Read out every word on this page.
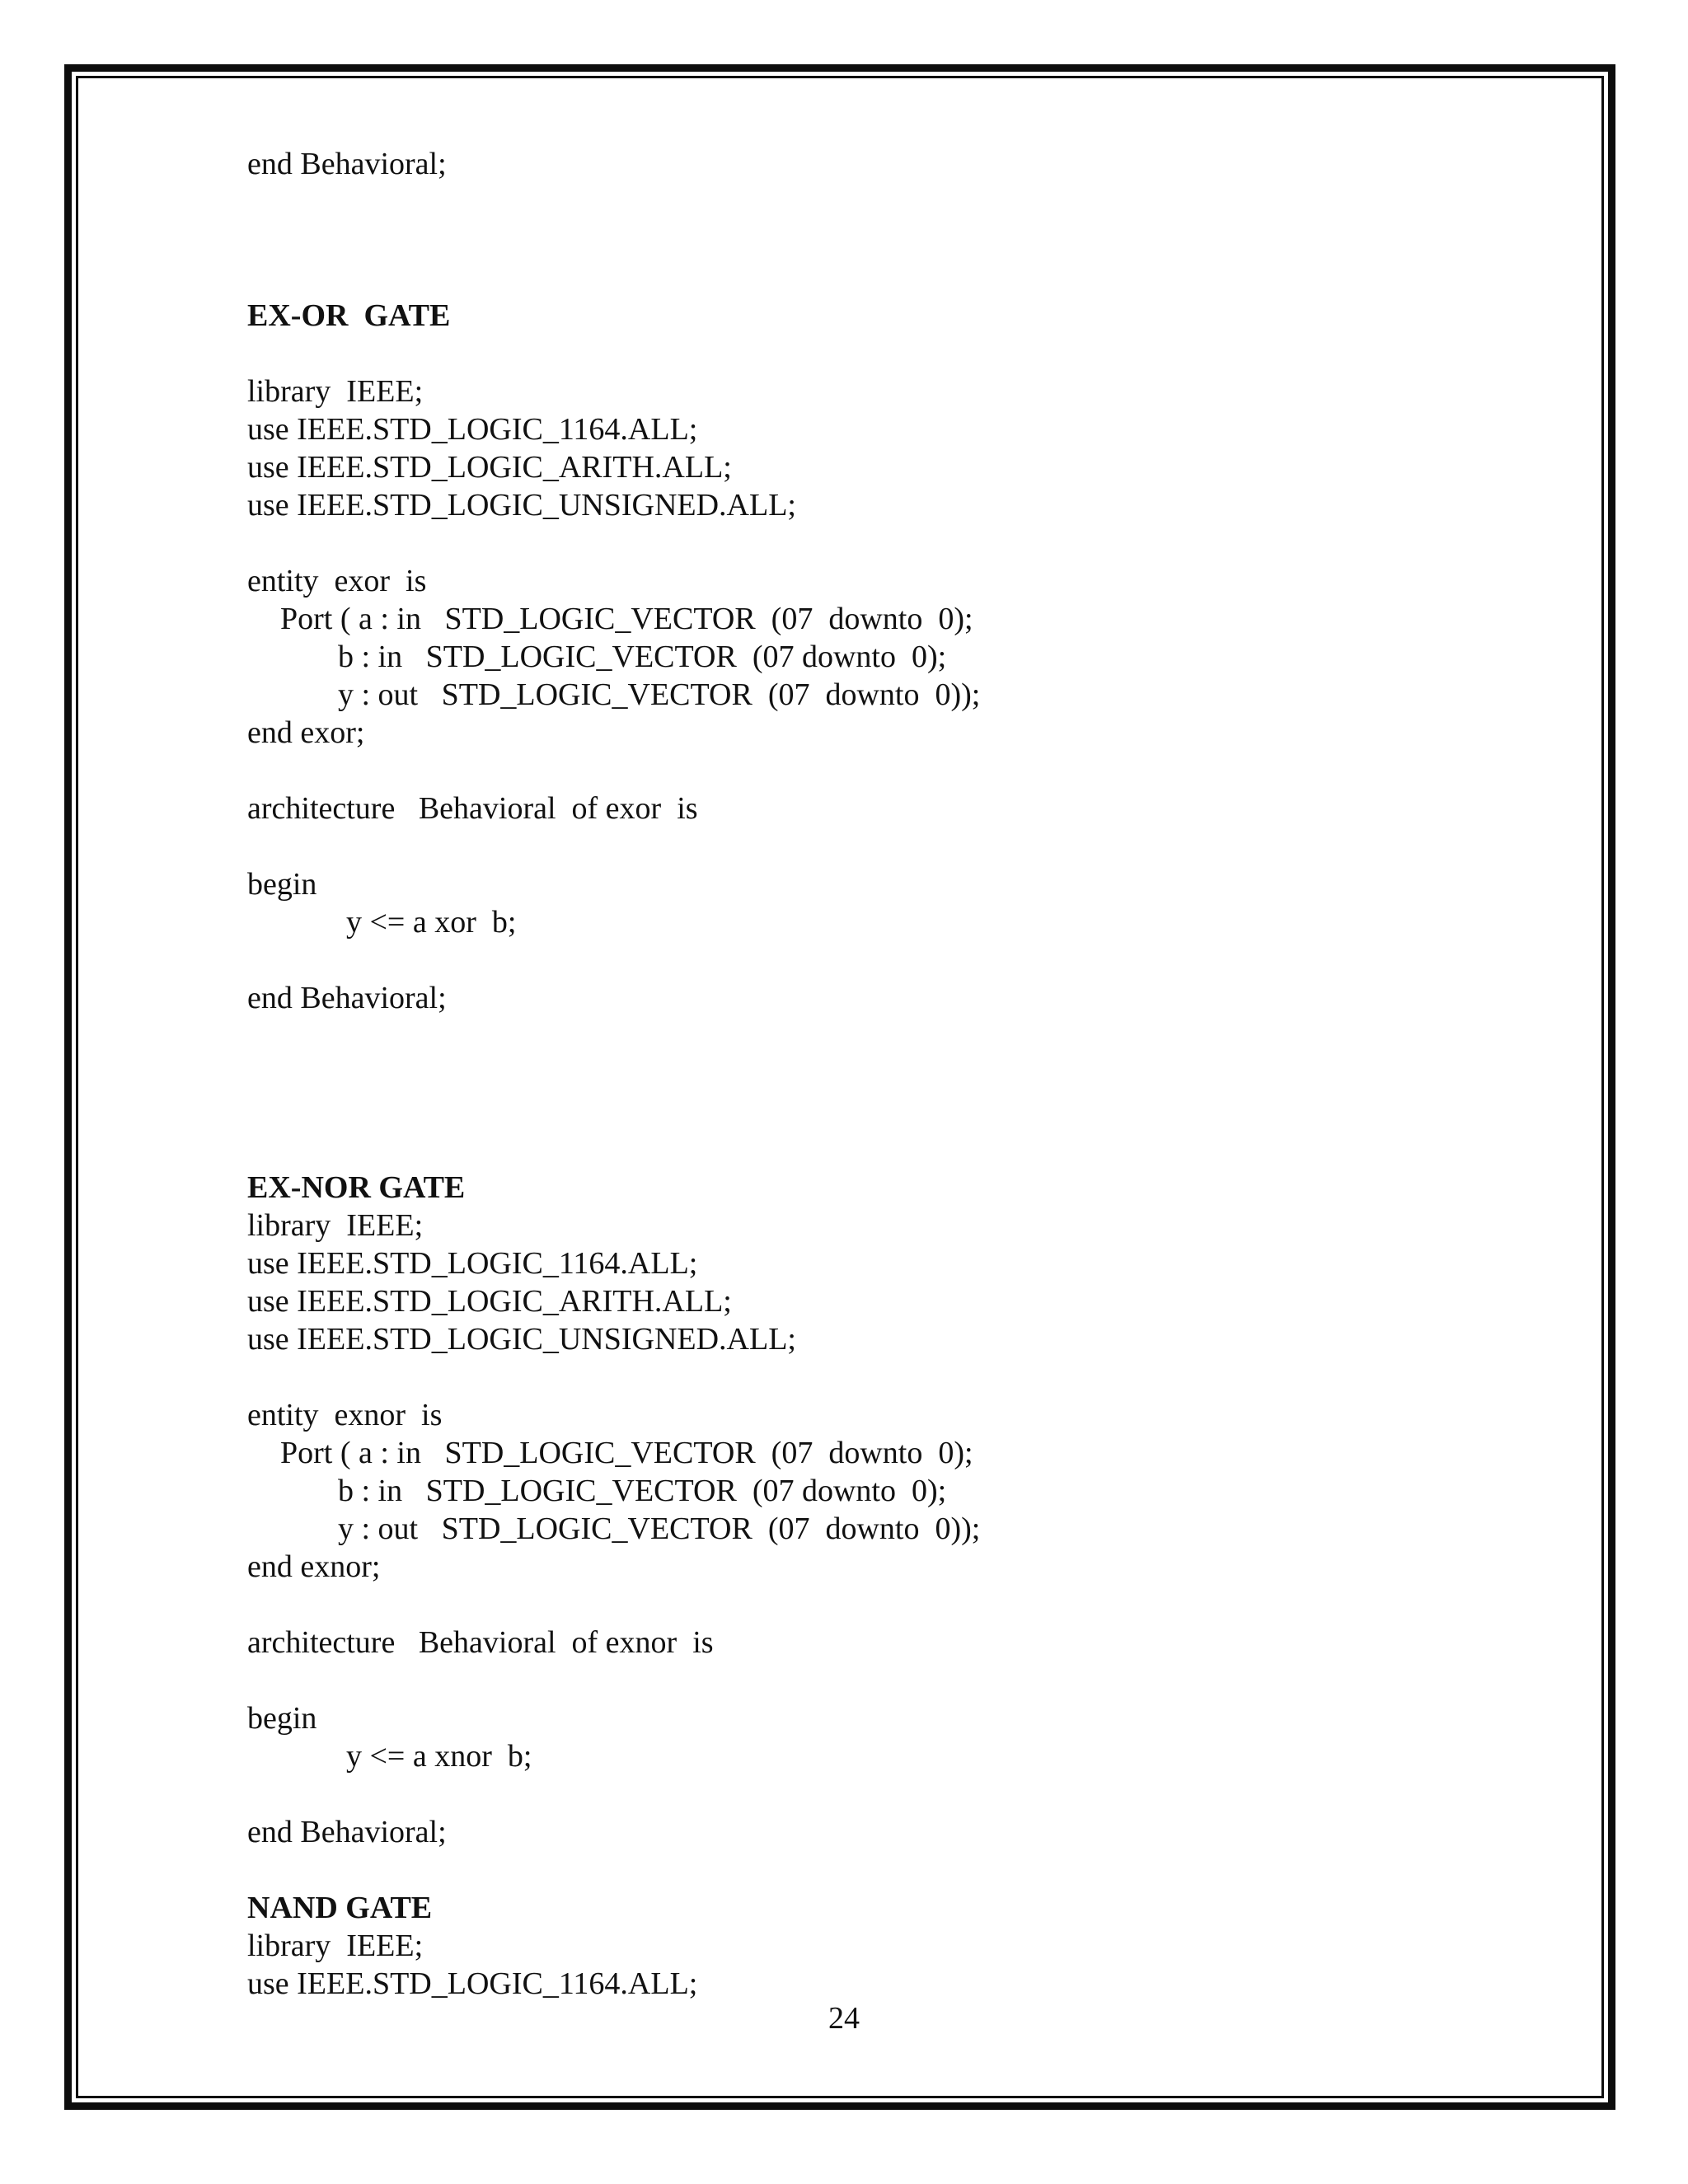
end Behavioral;
EX-OR  GATE
library  IEEE;
use IEEE.STD_LOGIC_1164.ALL;
use IEEE.STD_LOGIC_ARITH.ALL;
use IEEE.STD_LOGIC_UNSIGNED.ALL;
entity  exor  is
Port ( a : in   STD_LOGIC_VECTOR  (07  downto  0);
b : in   STD_LOGIC_VECTOR  (07 downto  0);
y : out   STD_LOGIC_VECTOR  (07  downto  0));
end exor;
architecture   Behavioral  of exor  is
begin
y <= a xor  b;
end Behavioral;
EX-NOR GATE
library  IEEE;
use IEEE.STD_LOGIC_1164.ALL;
use IEEE.STD_LOGIC_ARITH.ALL;
use IEEE.STD_LOGIC_UNSIGNED.ALL;
entity  exnor  is
Port ( a : in   STD_LOGIC_VECTOR  (07  downto  0);
b : in   STD_LOGIC_VECTOR  (07 downto  0);
y : out   STD_LOGIC_VECTOR  (07  downto  0));
end exnor;
architecture   Behavioral  of exnor  is
begin
y <= a xnor  b;
end Behavioral;
NAND GATE
library  IEEE;
use IEEE.STD_LOGIC_1164.ALL;
24
